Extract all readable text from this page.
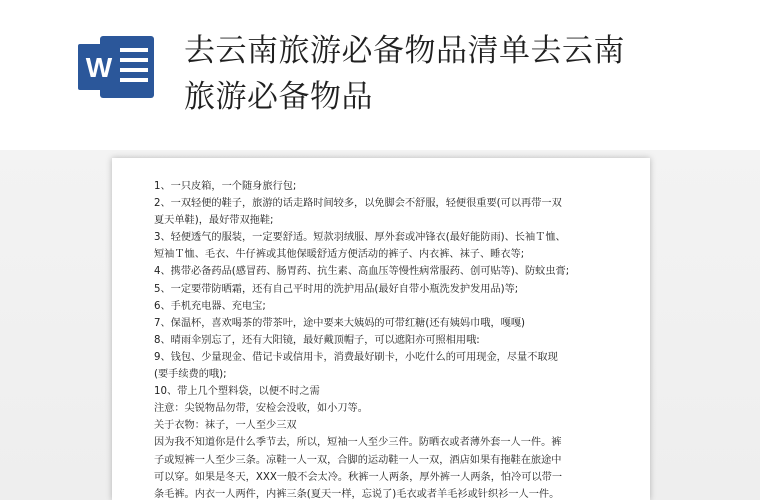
W 去云南旅游必备物品清单去云南
旅游必备物品
1、一只皮箱，一个随身旅行包;
2、一双轻便的鞋子，旅游的话走路时间较多，以免脚会不舒服，轻便很重要(可以再带一双
夏天单鞋)，最好带双拖鞋;
3、轻便透气的服装，一定要舒适。短款羽绒服、厚外套或冲锋衣(最好能防雨)、长袖Ｔ恤、
短袖Ｔ恤、毛衣、牛仔裤或其他保暖舒适方便活动的裤子、内衣裤、袜子、睡衣等;
4、携带必备药品(感冒药、肠胃药、抗生素、高血压等慢性病常服药、创可贴等)、防蚊虫膏;
5、一定要带防晒霜，还有自己平时用的洗护用品(最好自带小瓶洗发护发用品)等;
6、手机充电器、充电宝;
7、保温杯，喜欢喝茶的带茶叶，途中要来大姨妈的可带红糖(还有姨妈巾哦，嘎嘎)
8、晴雨伞别忘了，还有大阳镜，最好戴顶帽子，可以遮阳亦可照相用哦:
9、钱包、少量现金、借记卡或信用卡，消费最好刷卡，小吃什么的可用现金，尽量不取现
(要手续费的哦);
10、带上几个塑料袋，以便不时之需
注意：尖锐物品勿带，安检会没收，如小刀等。
关于衣物：袜子，一人至少三双
因为我不知道你是什么季节去，所以，短袖一人至少三件。防晒衣或者薄外套一人一件。裤
子或短裤一人至少三条。凉鞋一人一双，合脚的运动鞋一人一双，酒店如果有拖鞋在旅途中
可以穿。如果是冬天，XXX一般不会太冷。秋裤一人两条，厚外裤一人两条，怕冷可以带一
条毛裤。内衣一人两件，内裤三条(夏天一样，忘说了)毛衣或者羊毛衫或针织衫一人一件。
